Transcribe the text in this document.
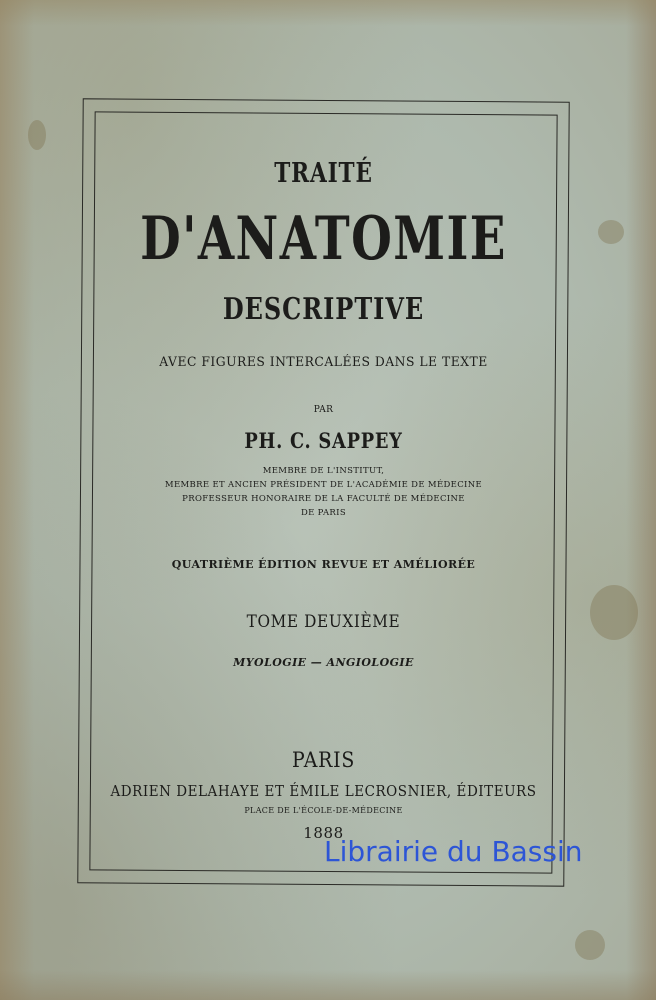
TRAITÉ
D'ANATOMIE
DESCRIPTIVE
AVEC FIGURES INTERCALÉES DANS LE TEXTE
PAR
PH. C. SAPPEY
MEMBRE DE L'INSTITUT,
MEMBRE ET ANCIEN PRÉSIDENT DE L'ACADÉMIE DE MÉDECINE
PROFESSEUR HONORAIRE DE LA FACULTÉ DE MÉDECINE
DE PARIS
QUATRIÈME ÉDITION REVUE ET AMÉLIORÉE
TOME DEUXIÈME
MYOLOGIE — ANGIOLOGIE
PARIS
ADRIEN DELAHAYE ET ÉMILE LECROSNIER, ÉDITEURS
PLACE DE L'ÉCOLE-DE-MÉDECINE
1888
Librairie du Bassin
